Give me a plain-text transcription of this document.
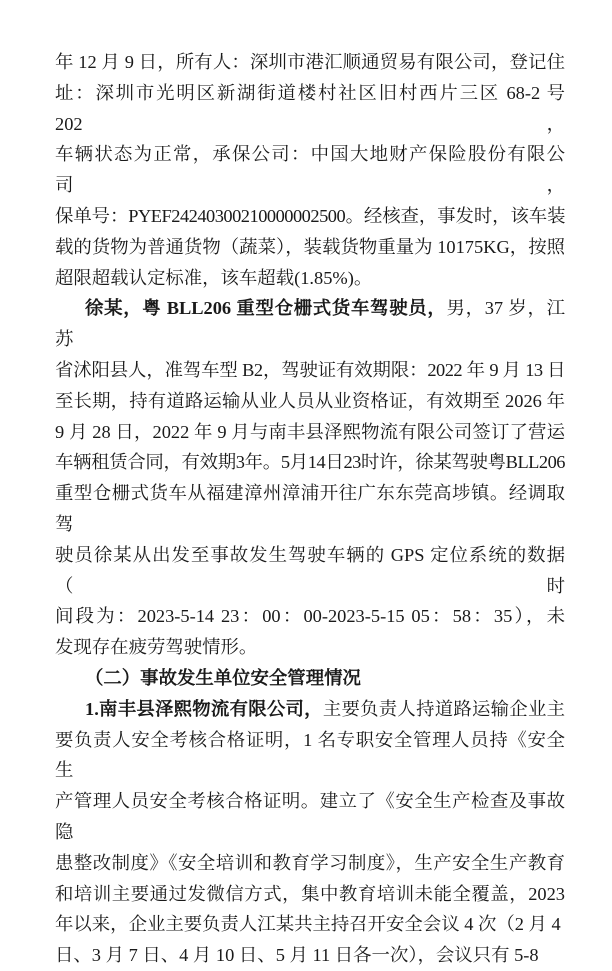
年 12 月 9 日，所有人：深圳市港汇顺通贸易有限公司，登记住
址：深圳市光明区新湖街道楼村社区旧村西片三区 68-2 号 202，
车辆状态为正常，承保公司：中国大地财产保险股份有限公司，
保单号：PYEF24240300210000002500。经核查，事发时，该车装
载的货物为普通货物（蔬菜），装载货物重量为 10175KG，按照
超限超载认定标准，该车超载(1.85%)。
徐某，粤 BLL206 重型仓栅式货车驾驶员，男，37 岁，江苏
省沭阳县人，准驾车型 B2，驾驶证有效期限：2022 年 9 月 13 日
至长期，持有道路运输从业人员从业资格证，有效期至 2026 年
9 月 28 日，2022 年 9 月与南丰县泽熙物流有限公司签订了营运
车辆租赁合同，有效期3年。5月14日23时许，徐某驾驶粤BLL206
重型仓栅式货车从福建漳州漳浦开往广东东莞高埗镇。经调取驾
驶员徐某从出发至事故发生驾驶车辆的 GPS 定位系统的数据（时
间段为：2023-5-14 23：00：00-2023-5-15 05：58：35），未
发现存在疲劳驾驶情形。
（二）事故发生单位安全管理情况
1.南丰县泽熙物流有限公司，主要负责人持道路运输企业主
要负责人安全考核合格证明，1 名专职安全管理人员持《安全生
产管理人员安全考核合格证明。建立了《安全生产检查及事故隐
患整改制度》《安全培训和教育学习制度》，生产安全生产教育
和培训主要通过发微信方式，集中教育培训未能全覆盖，2023
年以来，企业主要负责人江某共主持召开安全会议 4 次（2 月 4
日、3 月 7 日、4 月 10 日、5 月 11 日各一次），会议只有 5-8
